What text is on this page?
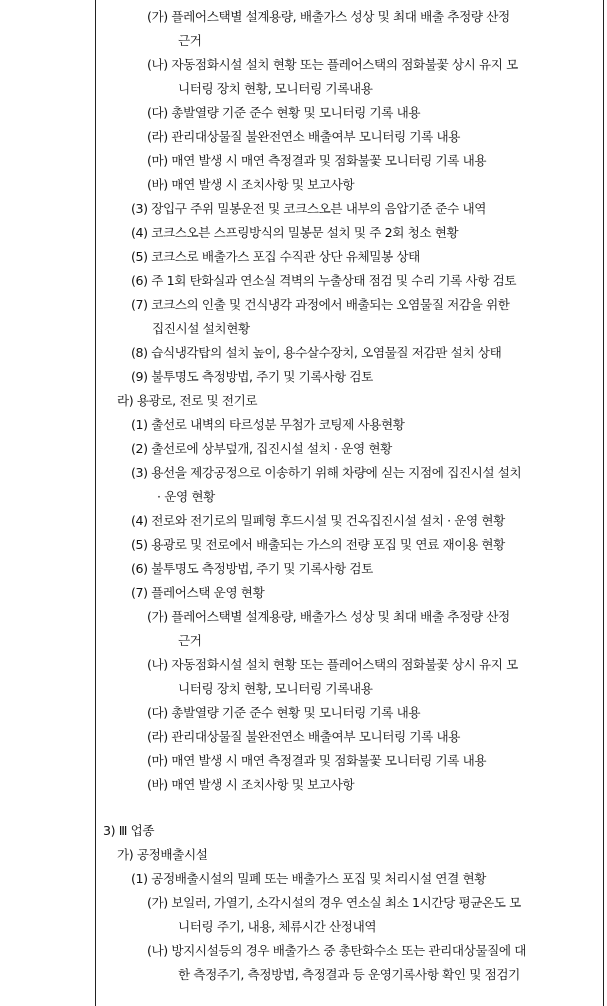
(가) 플레어스택별 설계용량, 배출가스 성상 및 최대 배출 추정량 산정
근거
(나) 자동점화시설 설치 현황 또는 플레어스택의 점화불꽃 상시 유지 모
니터링 장치 현황, 모니터링 기록내용
(다) 총발열량 기준 준수 현황 및 모니터링 기록 내용
(라) 관리대상물질 불완전연소 배출여부 모니터링 기록 내용
(마) 매연 발생 시 매연 측정결과 및 점화불꽃 모니터링 기록 내용
(바) 매연 발생 시 조치사항 및 보고사항
(3) 장입구 주위 밀봉운전 및 코크스오븐 내부의 음압기준 준수 내역
(4) 코크스오븐 스프링방식의 밀봉문 설치 및 주 2회 청소 현황
(5) 코크스로 배출가스 포집 수직관 상단 유체밀봉 상태
(6) 주 1회 탄화실과 연소실 격벽의 누출상태 점검 및 수리 기록 사항 검토
(7) 코크스의 인출 및 건식냉각 과정에서 배출되는 오염물질 저감을 위한
집진시설 설치현황
(8) 습식냉각탑의 설치 높이, 용수살수장치, 오염물질 저감판 설치 상태
(9) 불투명도 측정방법, 주기 및 기록사항 검토
라) 용광로, 전로 및 전기로
(1) 출선로 내벽의 타르성분 무첨가 코팅제 사용현황
(2) 출선로에 상부덮개, 집진시설 설치 · 운영 현황
(3) 용선을 제강공정으로 이송하기 위해 차량에 싣는 지점에 집진시설 설치
· 운영 현황
(4) 전로와 전기로의 밀폐형 후드시설 및 건옥집진시설 설치 · 운영 현황
(5) 용광로 및 전로에서 배출되는 가스의 전량 포집 및 연료 재이용 현황
(6) 불투명도 측정방법, 주기 및 기록사항 검토
(7) 플레어스택 운영 현황
(가) 플레어스택별 설계용량, 배출가스 성상 및 최대 배출 추정량 산정
근거
(나) 자동점화시설 설치 현황 또는 플레어스택의 점화불꽃 상시 유지 모
니터링 장치 현황, 모니터링 기록내용
(다) 총발열량 기준 준수 현황 및 모니터링 기록 내용
(라) 관리대상물질 불완전연소 배출여부 모니터링 기록 내용
(마) 매연 발생 시 매연 측정결과 및 점화불꽃 모니터링 기록 내용
(바) 매연 발생 시 조치사항 및 보고사항
3) Ⅲ 업종
가) 공정배출시설
(1) 공정배출시설의 밀폐 또는 배출가스 포집 및 처리시설 연결 현황
(가) 보일러, 가열기, 소각시설의 경우 연소실 최소 1시간당 평균온도 모
니터링 주기, 내용, 체류시간 산정내역
(나) 방지시설등의 경우 배출가스 중 총탄화수소 또는 관리대상물질에 대
한 측정주기, 측정방법, 측정결과 등 운영기록사항 확인 및 점검기
